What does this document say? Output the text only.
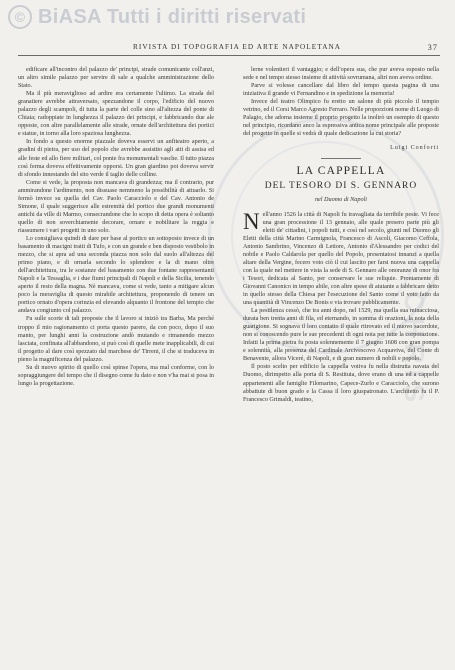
© BiASA Tutti i diritti riservati
CHRIS
RIVISTA DI TOPOGRAFIA ED ARTE NAPOLETANA	37

edificare all'incontro del palazzo de' principi, strade comunicante coll'anzi, un altro simile palazzo per servire di sale a qualche amministrazione dello Stato.

Ma il più meraviglioso ad ardire era certamente l'ultimo. La strada del granatiere avrebbe attraversato, spezzandone il corpo, l'edificio del nuovo palazzo degli scampoli, di tutta la parte del colle sino all'altezza del ponte di Chiaia; radoppiate in lunghezza il palazzo dei principi, e fabbricando due ale opposte, con altre parallelamente alle strade, ornate dell'architettura dei portici e statue, in torno alla loro spaziosa lunghezza.

In fondo a questo enorme piazzale doveva esservi un anfiteatro aperto, a gradini di pietra, per uso del popolo che avrebbe assistito agli atti di assisa ed alle feste ed allo fiere militari, col ponte fra monumentali vasche. Il tutto piazza così ferma doveva effettivamente opporsi. Un gran giardino poi doveva servir di sfondo innestando del sito verde il taglio delle colline.

Come si vede, la proposta non mancava di grandezza; ma il contrario, pur ammirandone l'ardimento, non dissuase nemmeno la possibilità di attuarlo. Si fermò invece su quella del Cav. Paolo Caracciolo e del Cav. Antonio de Simone, il quale suggerisce alle estremità del portico due grandi monumenti antichi da ville di Marmo, consecrandone che lo scopo di detta opera è soltanto quello di non soverchiamente decorare, ornare e nobilitare la reggia e riassumere i vari progetti in uno solo.

Lo consigliava quindi di dare per base al portico un sottoposto invece di un basamento di macigni tratti di Tufo, e con un grande e ben disposto vestibolo in mezzo, che si apra ad una seconda piazza non solo dal suolo all'altezza del primo piano, e di ornarla secondo lo splendore e la di mano oltre dell'architettura, tra le sostanze del basamento con due fontane rappresentanti Napoli e la Tessaglia, e i due fiumi principali di Napoli e della Sicilia, tenendo aperto il resto della magna. Nè mancava, come si vede, tanto a mitigare alcun poco la meraviglia di questo mirabile architettura, proponendo di tenere un portico ornato d'opera corinzia ed elevando alquanto il frontone del tempio che andava congiunto col palazzo.

Fu sulle scorte di tali proposte che il lavoro si iniziò tra Barba, Ma perché troppo il mio ragionamento ci porta questo parere, da con poco, dopo il suo manto, per lunghi anni la costruzione andò mutando e rimanendo mezzo lasciata, confinata all'abbandono, si può così di quelle mete inapplicabili, di cui il progetto al dare così spezzato dal marchese de' Tirreni, il che si traduceva in pieno la magnificenza del palazzo.

Su di nuovo spirito di quello così spinse l'opera, ma mal conforme, con lo sopraggiungere del tempo che il disegno come fu dato e non v'ha mai si posa in lungo la progettazione.

lerne volentieri il vantaggio; e dell'opera sua, che pur aveva esposto nella sede e nel tempo stesso insieme di attività sovrumana, altri non aveva ordine.

Parve si volesse cancellare dal libro del tempo questa pagina di una iniziativa il grande vi Fernandino e in spedizione la memoria!

Invece del teatro Olimpico fu eretto un salone di più piccolo il tempio vetrino, ed il Corsi Marco Agresto Ferraro. Nelle proporzioni nome di Luogo di Palagio, che adorna insieme il proprio progetto la inoltrò un esempio di questo nel principio, ricordano anco la espressiva antica nome principale alle proposte del progetto in quelle si vedrà di quale dedicazione la cui storia?

Luigi Conforti

LA CAPPELLA

DEL TESORO DI S. GENNARO

nel Duomo di Napoli

N ell'anno 1526 la città di Napoli fu travagliata da terribile peste. Vi fece una gran processione il 13 gennaio, alle quale presero parte più gli eletti de' cittadini, i popoli tutti, e così nel secolo, giunti nel Duomo gli Eletti della città Marino Carmignola, Francesco di Ascoli, Giacomo Ceffola, Antonio Sambrino, Vincenzo di Lettore, Antonio d'Alessandro per codici del nobile e Paolo Caldarola per quello del Popolo, presentatosi innanzi a quella altare della Vergine, fecero voto ciò il cui lascito per farsi nuova una cappella con la quale nel mettere in vista la sede di S. Gennaro alle onoranze di onor fra i Tesori, dedicata al Santo, per conservare le sue reliquie. Prontamente di Giovanni Canonico in tempo abile, con altre spese di aiutante a fabbricare detto in quello stesso della Chiesa per l'esecuzione del Santo come il voto fatto da una quantità di Vincenzo De Bonis e via trovare pubblicamente.

La pestilenza cessò, che tra anni dopo, nel 1529, ma quella sua minacciosa, durata ben trenta anni di fila, ed eternando, in somma di orazioni, la nota della guarigione. Si sognava il loro contatto il quale ritrovato ed il nuovo sacerdote, non si conoscendo pure le sue precedenti di ogni nota per tutte la corporazione. Infatti la prima pietra fu posta solennemente il 7 giugno 1608 con gran pompa e solennità, alla presenza del Cardinale Arcivescovo Acquaviva, del Conte di Benavente, allora Viceré, di Napoli, e di gran numero di nobili e popolo.

Il posto scelto per edificio la cappella votiva fu nella distrutta navata del Duomo, dirimpetto alla porta di S. Restituta, dove erano di una ed a cappelle appartenenti alle famiglie Filomarino, Capece-Zurlo e Caracciolo, che surono abbattute di buon grado e la Cassa il loro giuspatronato. L'architetto fu il P. Francesco Grimaldi, teatino,
